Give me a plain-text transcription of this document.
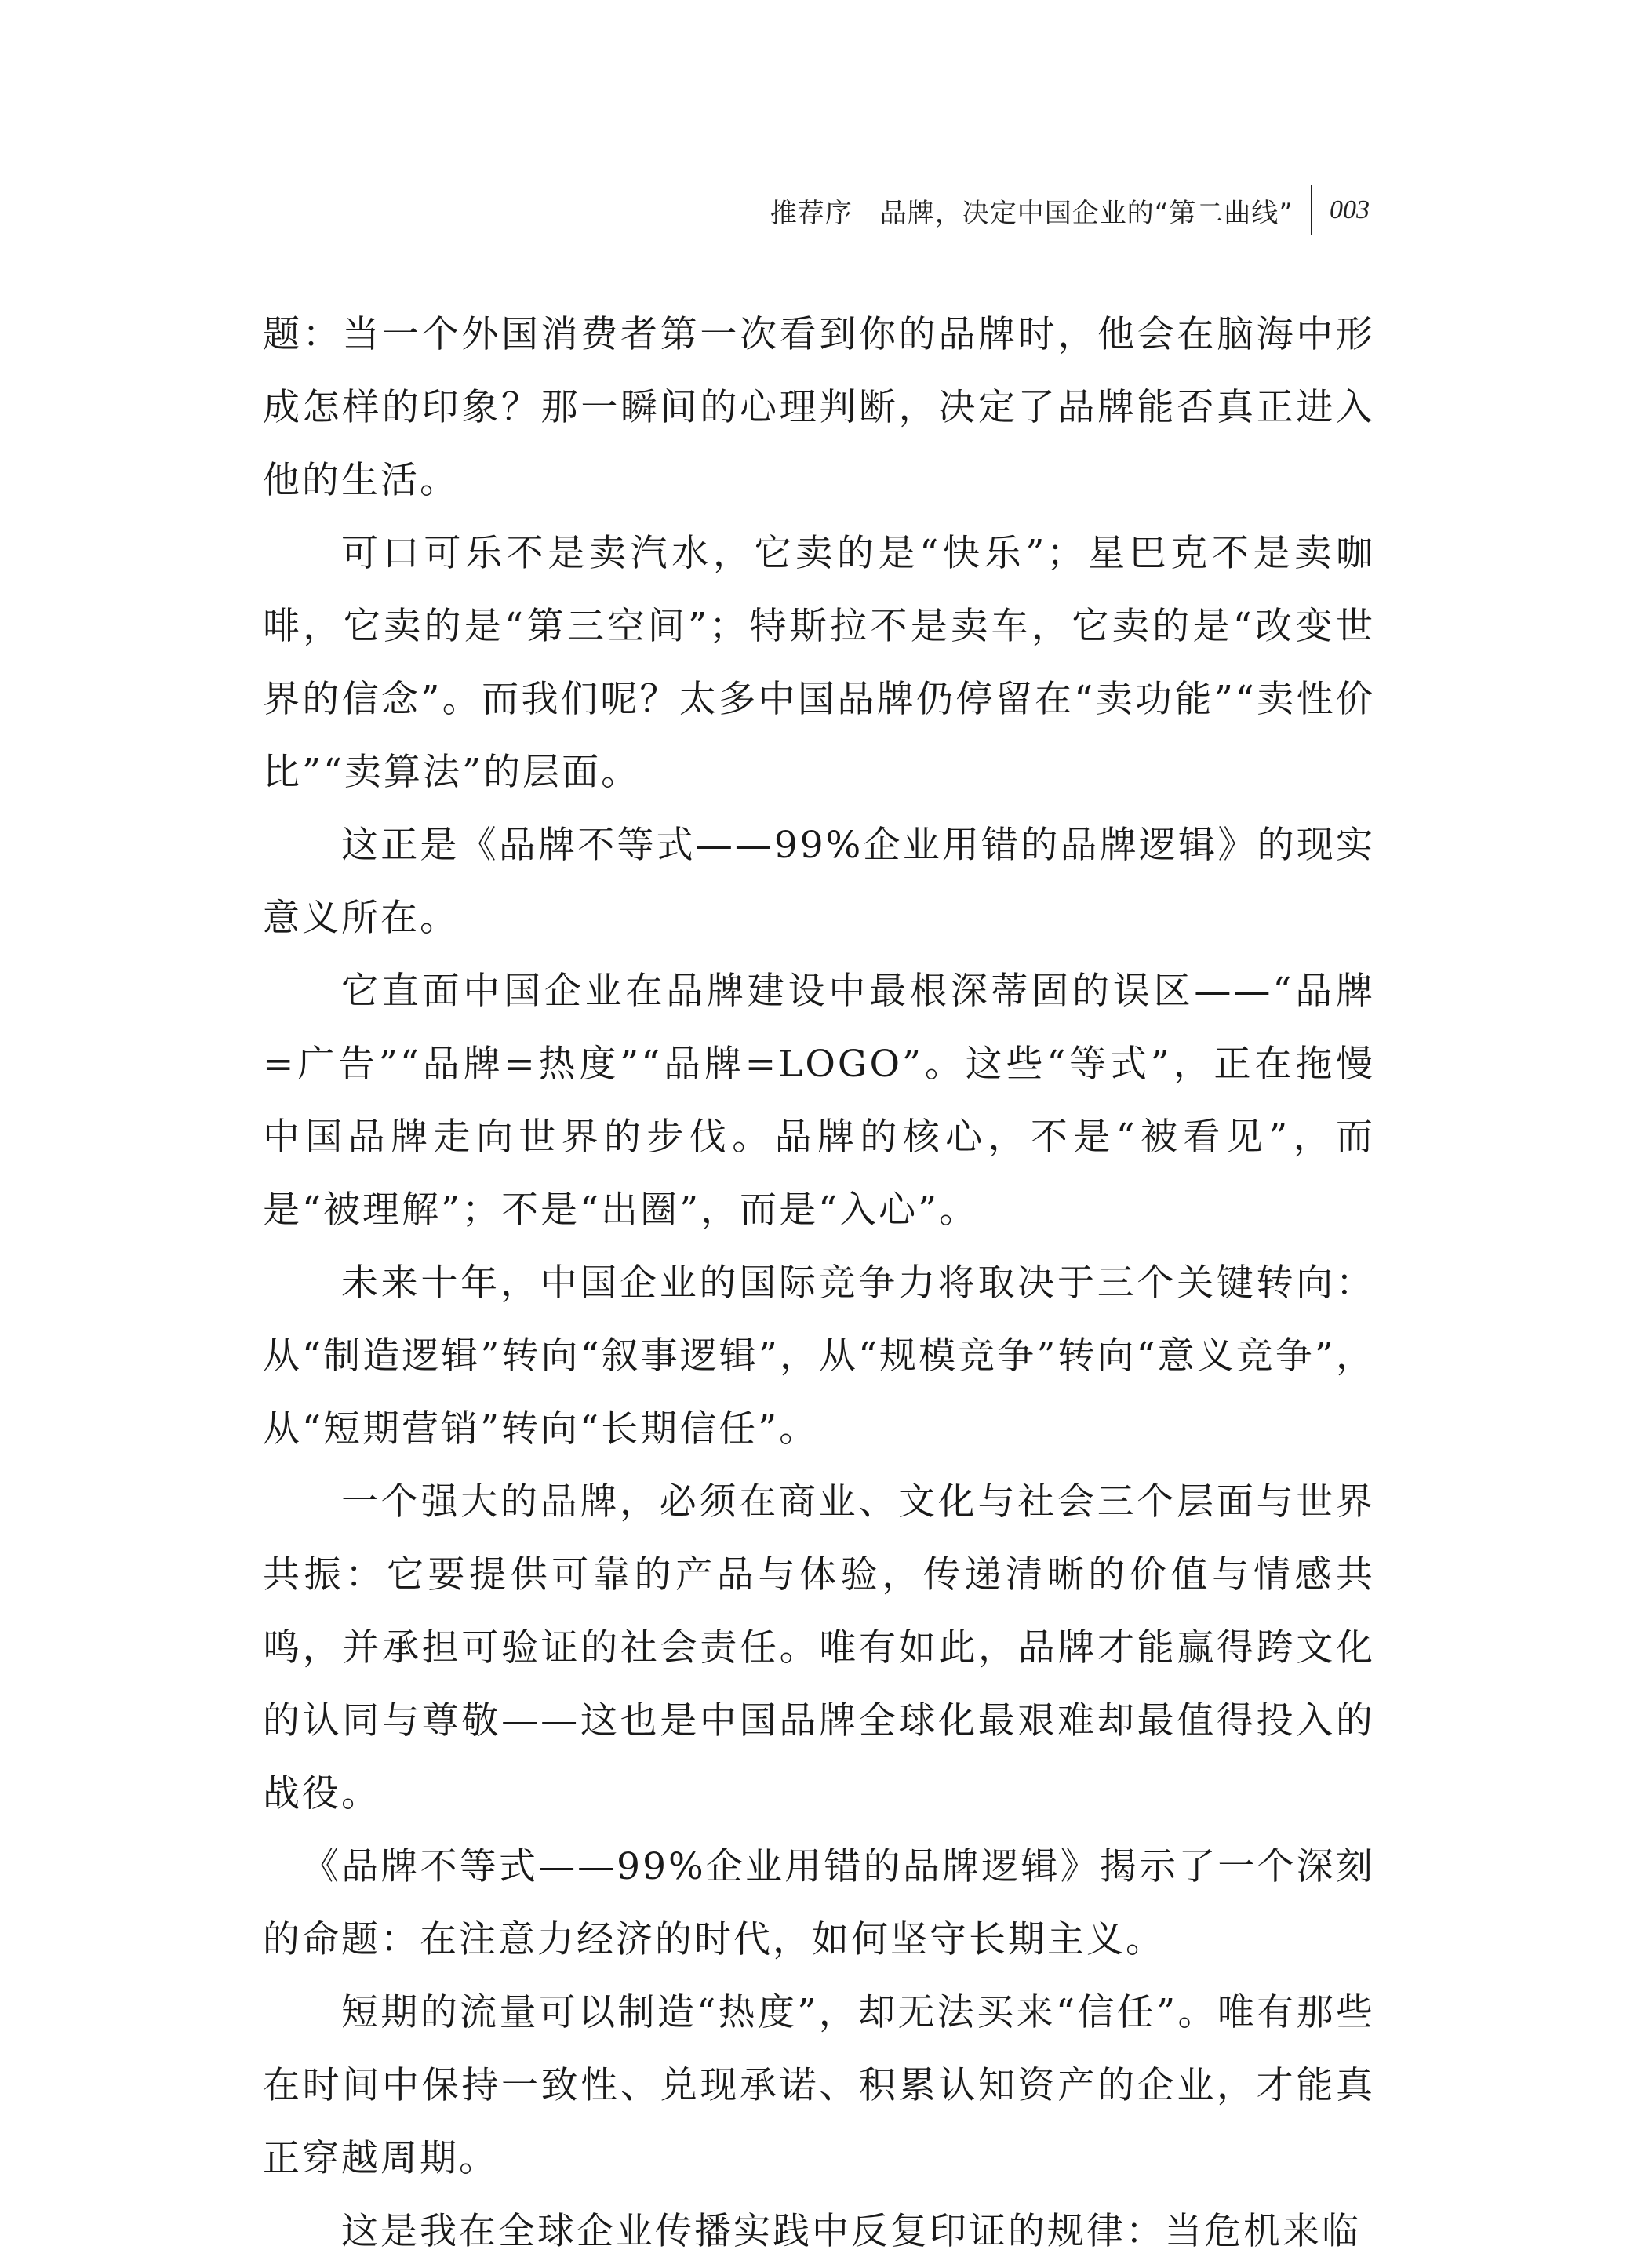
推荐序　品牌，决定中国企业的“第二曲线” 003

题：当一个外国消费者第一次看到你的品牌时，他会在脑海中形成怎样的印象？那一瞬间的心理判断，决定了品牌能否真正进入他的生活。

可口可乐不是卖汽水，它卖的是“快乐”；星巴克不是卖咖啡，它卖的是“第三空间”；特斯拉不是卖车，它卖的是“改变世界的信念”。而我们呢？太多中国品牌仍停留在“卖功能”“卖性价比”“卖算法”的层面。

这正是《品牌不等式——99%企业用错的品牌逻辑》的现实意义所在。

它直面中国企业在品牌建设中最根深蒂固的误区——“品牌=广告”“品牌=热度”“品牌=LOGO”。这些“等式”，正在拖慢中国品牌走向世界的步伐。品牌的核心，不是“被看见”，而是“被理解”；不是“出圈”，而是“入心”。

未来十年，中国企业的国际竞争力将取决于三个关键转向：从“制造逻辑”转向“叙事逻辑”，从“规模竞争”转向“意义竞争”，从“短期营销”转向“长期信任”。

一个强大的品牌，必须在商业、文化与社会三个层面与世界共振：它要提供可靠的产品与体验，传递清晰的价值与情感共鸣，并承担可验证的社会责任。唯有如此，品牌才能赢得跨文化的认同与尊敬——这也是中国品牌全球化最艰难却最值得投入的战役。

《品牌不等式——99%企业用错的品牌逻辑》揭示了一个深刻的命题：在注意力经济的时代，如何坚守长期主义。

短期的流量可以制造“热度”，却无法买来“信任”。唯有那些在时间中保持一致性、兑现承诺、积累认知资产的企业，才能真正穿越周期。

这是我在全球企业传播实践中反复印证的规律：当危机来临
